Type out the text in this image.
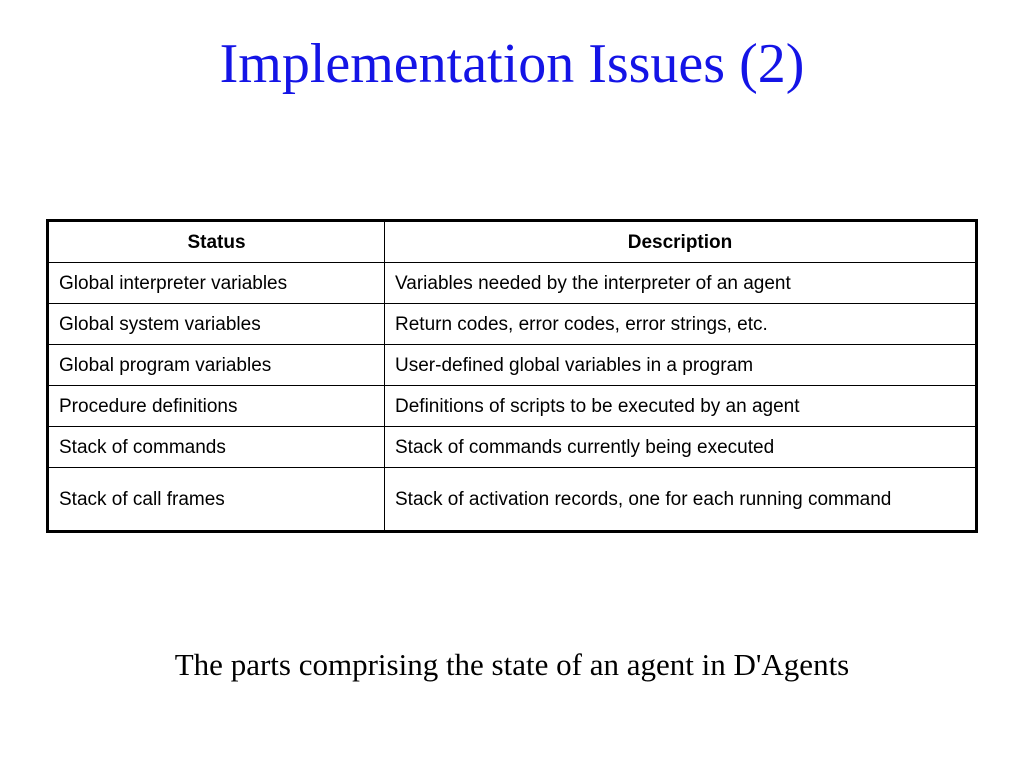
Implementation Issues (2)
Status	Description
Global interpreter variables	Variables needed by the interpreter of an agent
Global system variables	Return codes, error codes, error strings, etc.
Global program variables	User-defined global variables in a program
Procedure definitions	Definitions of scripts to be executed by an agent
Stack of commands	Stack of commands currently being executed
Stack of call frames	Stack of activation records, one for each running command

The parts comprising the state of an agent in D'Agents
